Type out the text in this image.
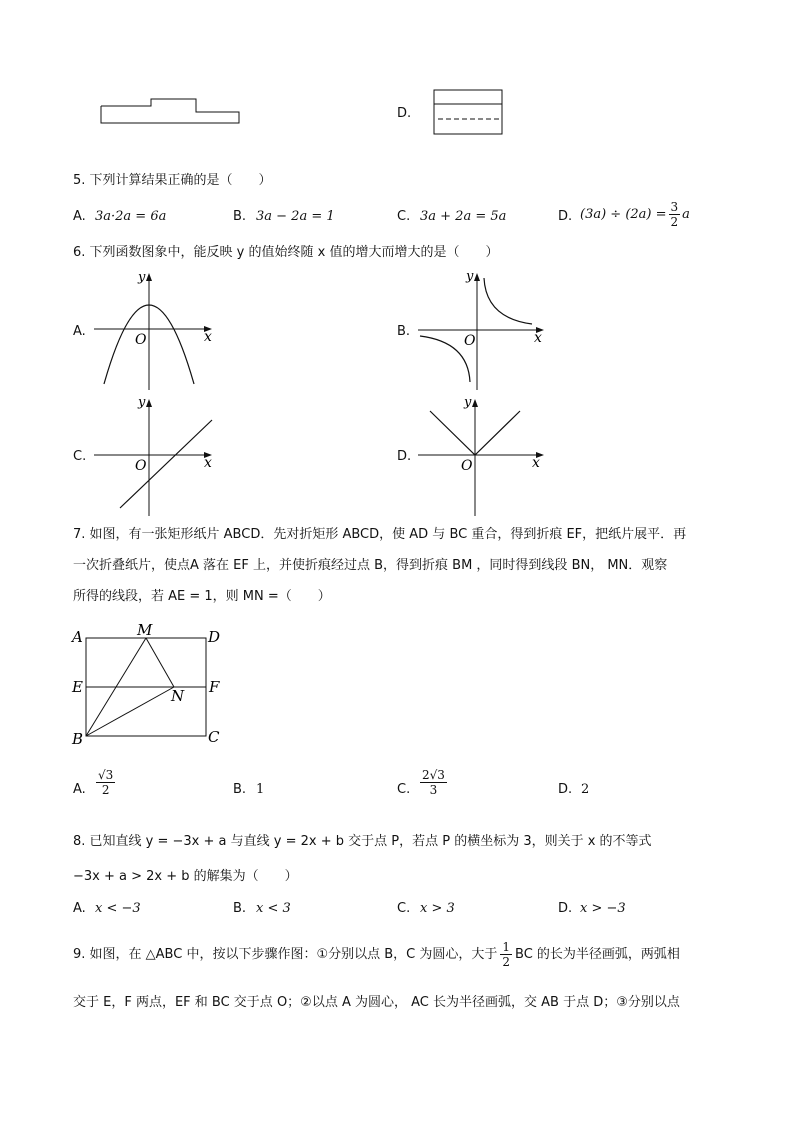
D.
5. 下列计算结果正确的是（　　）
A. 3a·2a = 6a	B. 3a − 2a = 1	C. 3a + 2a = 5a	D. $(3a) \div (2a) = \frac{3}{2}$ a
6. 下列函数图象中，能反映 y 的值始终随 x 值的增大而增大的是（　　）
A.	x
y
O
B.	x
y
O
C.	x
y
O
D.	x
y
O
7. 如图，有一张矩形纸片 ABCD．先对折矩形 ABCD，使 AD 与 BC 重合，得到折痕 EF，把纸片展平．再
一次折叠纸片，使点A 落在 EF 上，并使折痕经过点 B，得到折痕 BM ，同时得到线段 BN， MN．观察
所得的线段，若 AE = 1，则 MN =（　　）
A	M	D
E	N F
B	C
A. $\frac{√3}{2}$	B. 1	C. $\frac{2√3}{3}$	D. 2
8. 已知直线 y = −3x + a 与直线 y = 2x + b 交于点 P，若点 P 的横坐标为 3，则关于 x 的不等式
−3x + a > 2x + b 的解集为（　　）
A. x < −3	B. x < 3	C. x > 3	D. x > −3
9. 如图，在 △ABC 中，按以下步骤作图：①分别以点 B，C 为圆心，大于 $\frac{1}{2}$ BC 的长为半径画弧，两弧相
交于 E，F 两点，EF 和 BC 交于点 O；②以点 A 为圆心， AC 长为半径画弧，交 AB 于点 D；③分别以点
